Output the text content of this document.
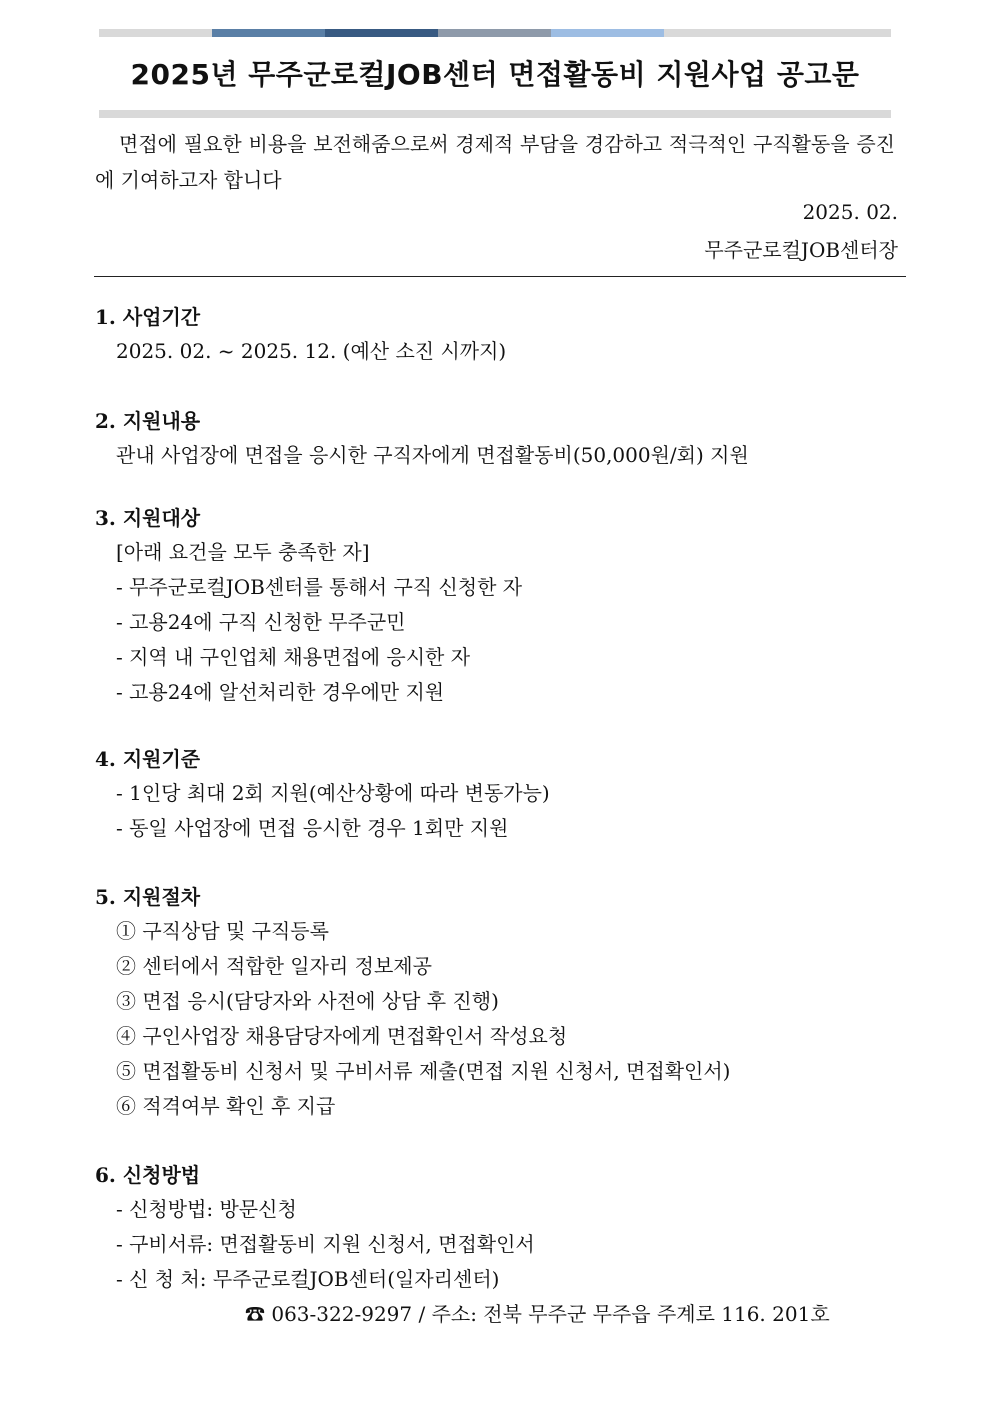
2025년 무주군로컬JOB센터 면접활동비 지원사업 공고문

면접에 필요한 비용을 보전해줌으로써 경제적 부담을 경감하고 적극적인 구직활동을 증진에 기여하고자 합니다

2025. 02.
무주군로컬JOB센터장
1. 사업기간
2025. 02. ~ 2025. 12. (예산 소진 시까지)
2. 지원내용
관내 사업장에 면접을 응시한 구직자에게 면접활동비(50,000원/회) 지원
3. 지원대상
[아래 요건을 모두 충족한 자]
- 무주군로컬JOB센터를 통해서 구직 신청한 자
- 고용24에 구직 신청한 무주군민
- 지역 내 구인업체 채용면접에 응시한 자
- 고용24에 알선처리한 경우에만 지원
4. 지원기준
- 1인당 최대 2회 지원(예산상황에 따라 변동가능)
- 동일 사업장에 면접 응시한 경우 1회만 지원
5. 지원절차
① 구직상담 및 구직등록
② 센터에서 적합한 일자리 정보제공
③ 면접 응시(담당자와 사전에 상담 후 진행)
④ 구인사업장 채용담당자에게 면접확인서 작성요청
⑤ 면접활동비 신청서 및 구비서류 제출(면접 지원 신청서, 면접확인서)
⑥ 적격여부 확인 후 지급
6. 신청방법
- 신청방법: 방문신청
- 구비서류: 면접활동비 지원 신청서, 면접확인서
- 신 청 처: 무주군로컬JOB센터(일자리센터)
☎ 063-322-9297 / 주소: 전북 무주군 무주읍 주계로 116. 201호
